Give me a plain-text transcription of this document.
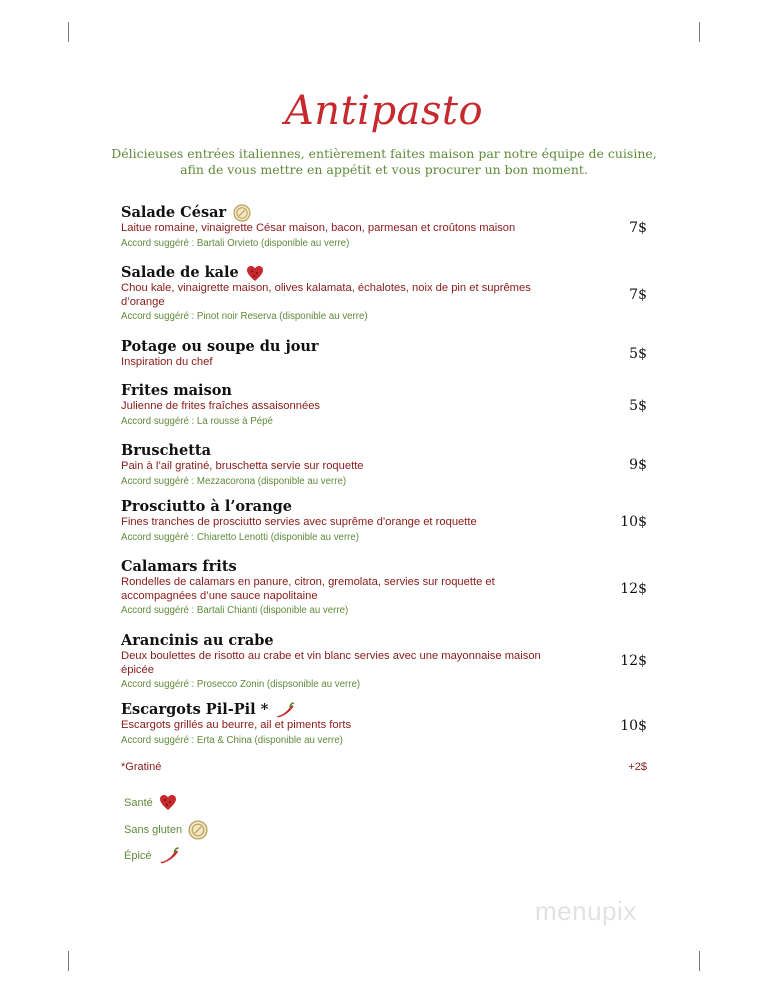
Antipasto
Délicieuses entrées italiennes, entièrement faites maison par notre équipe de cuisine,
afin de vous mettre en appétit et vous procurer un bon moment.
Salade César
Laitue romaine, vinaigrette César maison, bacon, parmesan et croûtons maison
Accord suggéré : Bartali Orvieto (disponible au verre)
7$
Salade de kale
Chou kale, vinaigrette maison, olives kalamata, échalotes, noix de pin et suprêmes d’orange
Accord suggéré : Pinot noir Reserva (disponible au verre)
7$
Potage ou soupe du jour
Inspiration du chef	5$
Frites maison
Julienne de frites fraîches assaisonnées
Accord suggéré : La rousse à Pépé
5$
Bruschetta
Pain à l’ail gratiné, bruschetta servie sur roquette
Accord suggéré : Mezzacorona (disponible au verre)
9$
Prosciutto à l’orange
Fines tranches de prosciutto servies avec suprême d’orange et roquette
Accord suggéré : Chiaretto Lenotti (disponible au verre)
10$
Calamars frits
Rondelles de calamars en panure, citron, gremolata, servies sur roquette et accompagnées d’une sauce napolitaine
Accord suggéré : Bartali Chianti (disponible au verre)
12$
Arancinis au crabe
Deux boulettes de risotto au crabe et vin blanc servies avec une mayonnaise maison épicée
Accord suggéré : Prosecco Zonin (dispsonible au verre)
12$
Escargots Pil-Pil *
Escargots grillés au beurre, ail et piments forts
Accord suggéré : Erta & China (disponible au verre)
10$
*Gratiné	+2$
Santé
Sans gluten
Épicé
menupix
